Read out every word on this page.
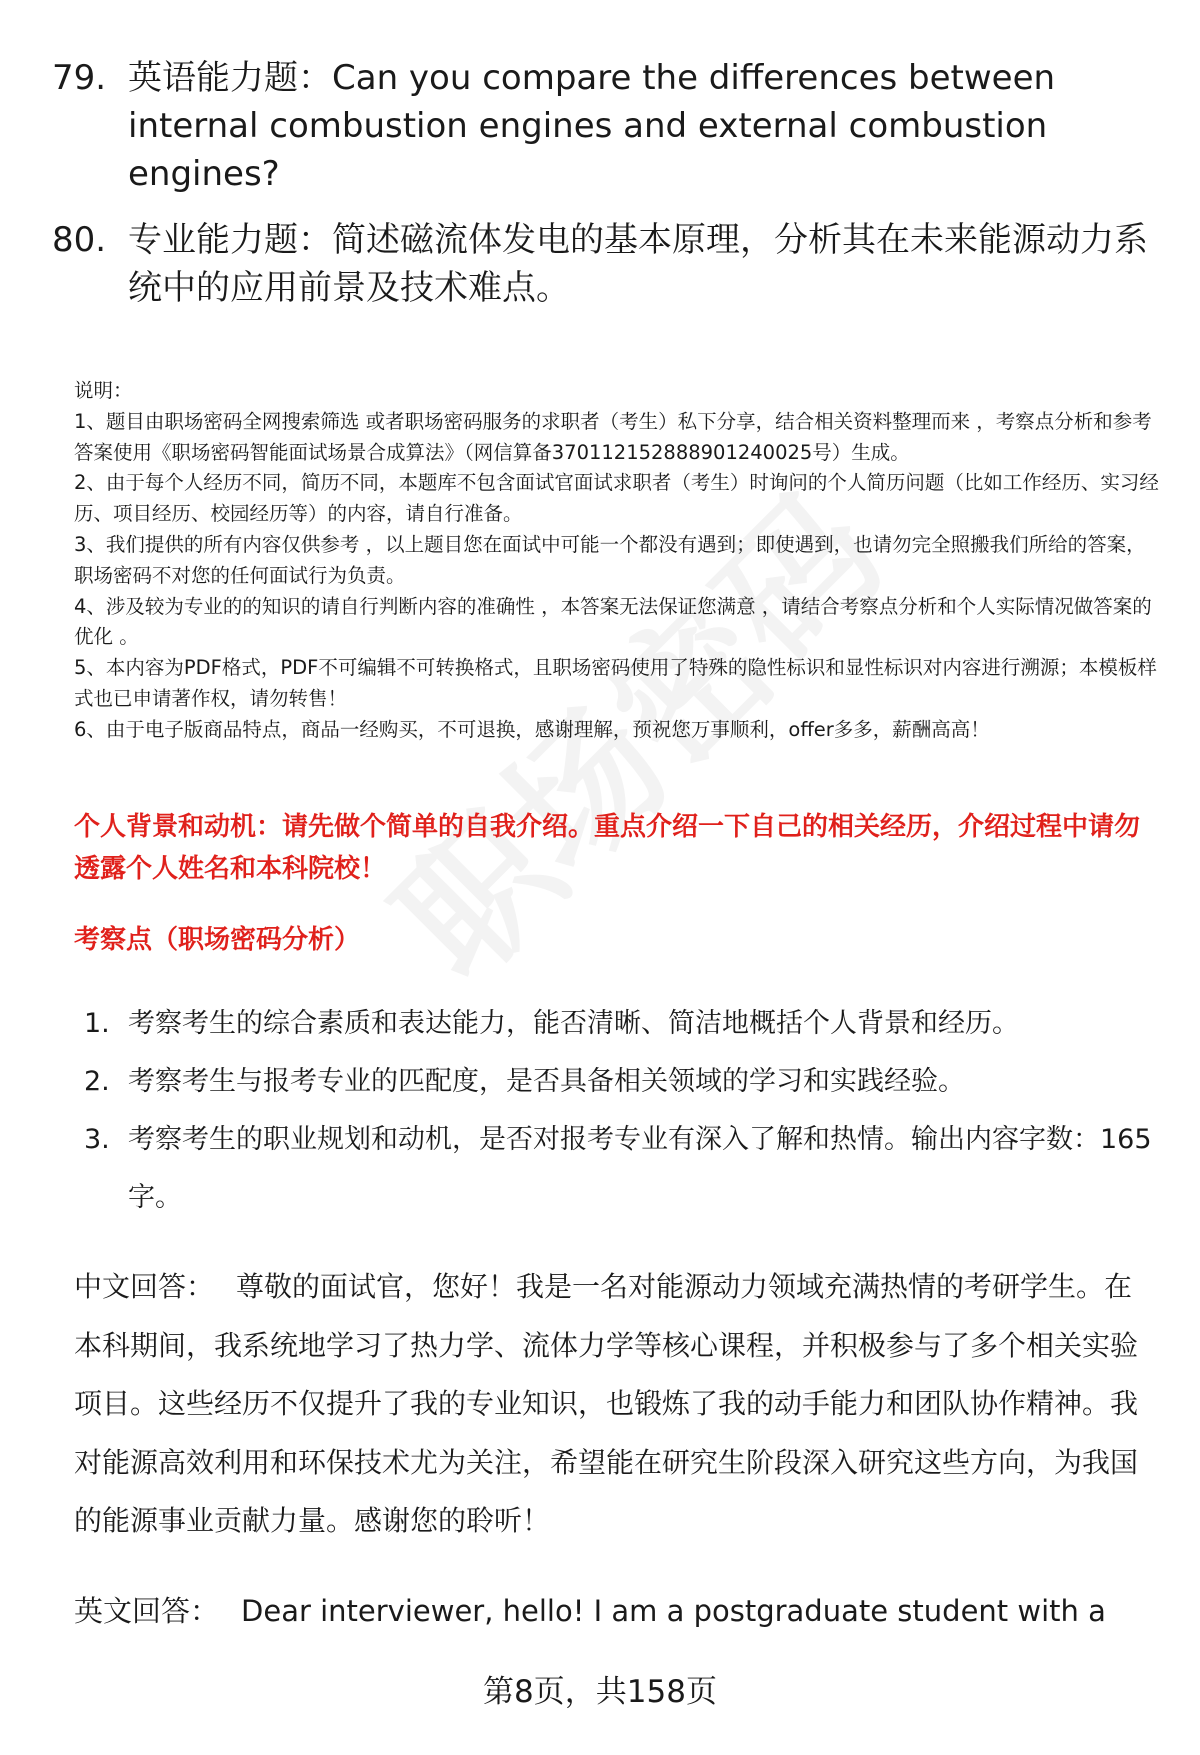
79. 英语能力题：Can you compare the differences between internal combustion engines and external combustion engines?
80. 专业能力题：简述磁流体发电的基本原理，分析其在未来能源动力系统中的应用前景及技术难点。

说明：

1、题目由职场密码全网搜索筛选 或者职场密码服务的求职者（考生）私下分享，结合相关资料整理而来 ，考察点分析和参考答案使用《职场密码智能面试场景合成算法》（网信算备370112152888901240025号）生成。

2、由于每个人经历不同，简历不同，本题库不包含面试官面试求职者（考生）时询问的个人简历问题（比如工作经历、实习经历、项目经历、校园经历等）的内容，请自行准备。

3、我们提供的所有内容仅供参考 ，以上题目您在面试中可能一个都没有遇到；即使遇到，也请勿完全照搬我们所给的答案，职场密码不对您的任何面试行为负责。

4、涉及较为专业的的知识的请自行判断内容的准确性 ，本答案无法保证您满意 ，请结合考察点分析和个人实际情况做答案的优化 。

5、本内容为PDF格式，PDF不可编辑不可转换格式，且职场密码使用了特殊的隐性标识和显性标识对内容进行溯源；本模板样式也已申请著作权，请勿转售！

6、由于电子版商品特点，商品一经购买，不可退换，感谢理解，预祝您万事顺利，offer多多，薪酬高高！

个人背景和动机：请先做个简单的自我介绍。重点介绍一下自己的相关经历，介绍过程中请勿透露个人姓名和本科院校！
考察点（职场密码分析）
1. 考察考生的综合素质和表达能力，能否清晰、简洁地概括个人背景和经历。
2. 考察考生与报考专业的匹配度，是否具备相关领域的学习和实践经验。
3. 考察考生的职业规划和动机，是否对报考专业有深入了解和热情。输出内容字数：165字。
中文回答： 尊敬的面试官，您好！我是一名对能源动力领域充满热情的考研学生。在本科期间，我系统地学习了热力学、流体力学等核心课程，并积极参与了多个相关实验项目。这些经历不仅提升了我的专业知识，也锻炼了我的动手能力和团队协作精神。我对能源高效利用和环保技术尤为关注，希望能在研究生阶段深入研究这些方向，为我国的能源事业贡献力量。感谢您的聆听！
英文回答： Dear interviewer, hello! I am a postgraduate student with a
第8页，共158页
